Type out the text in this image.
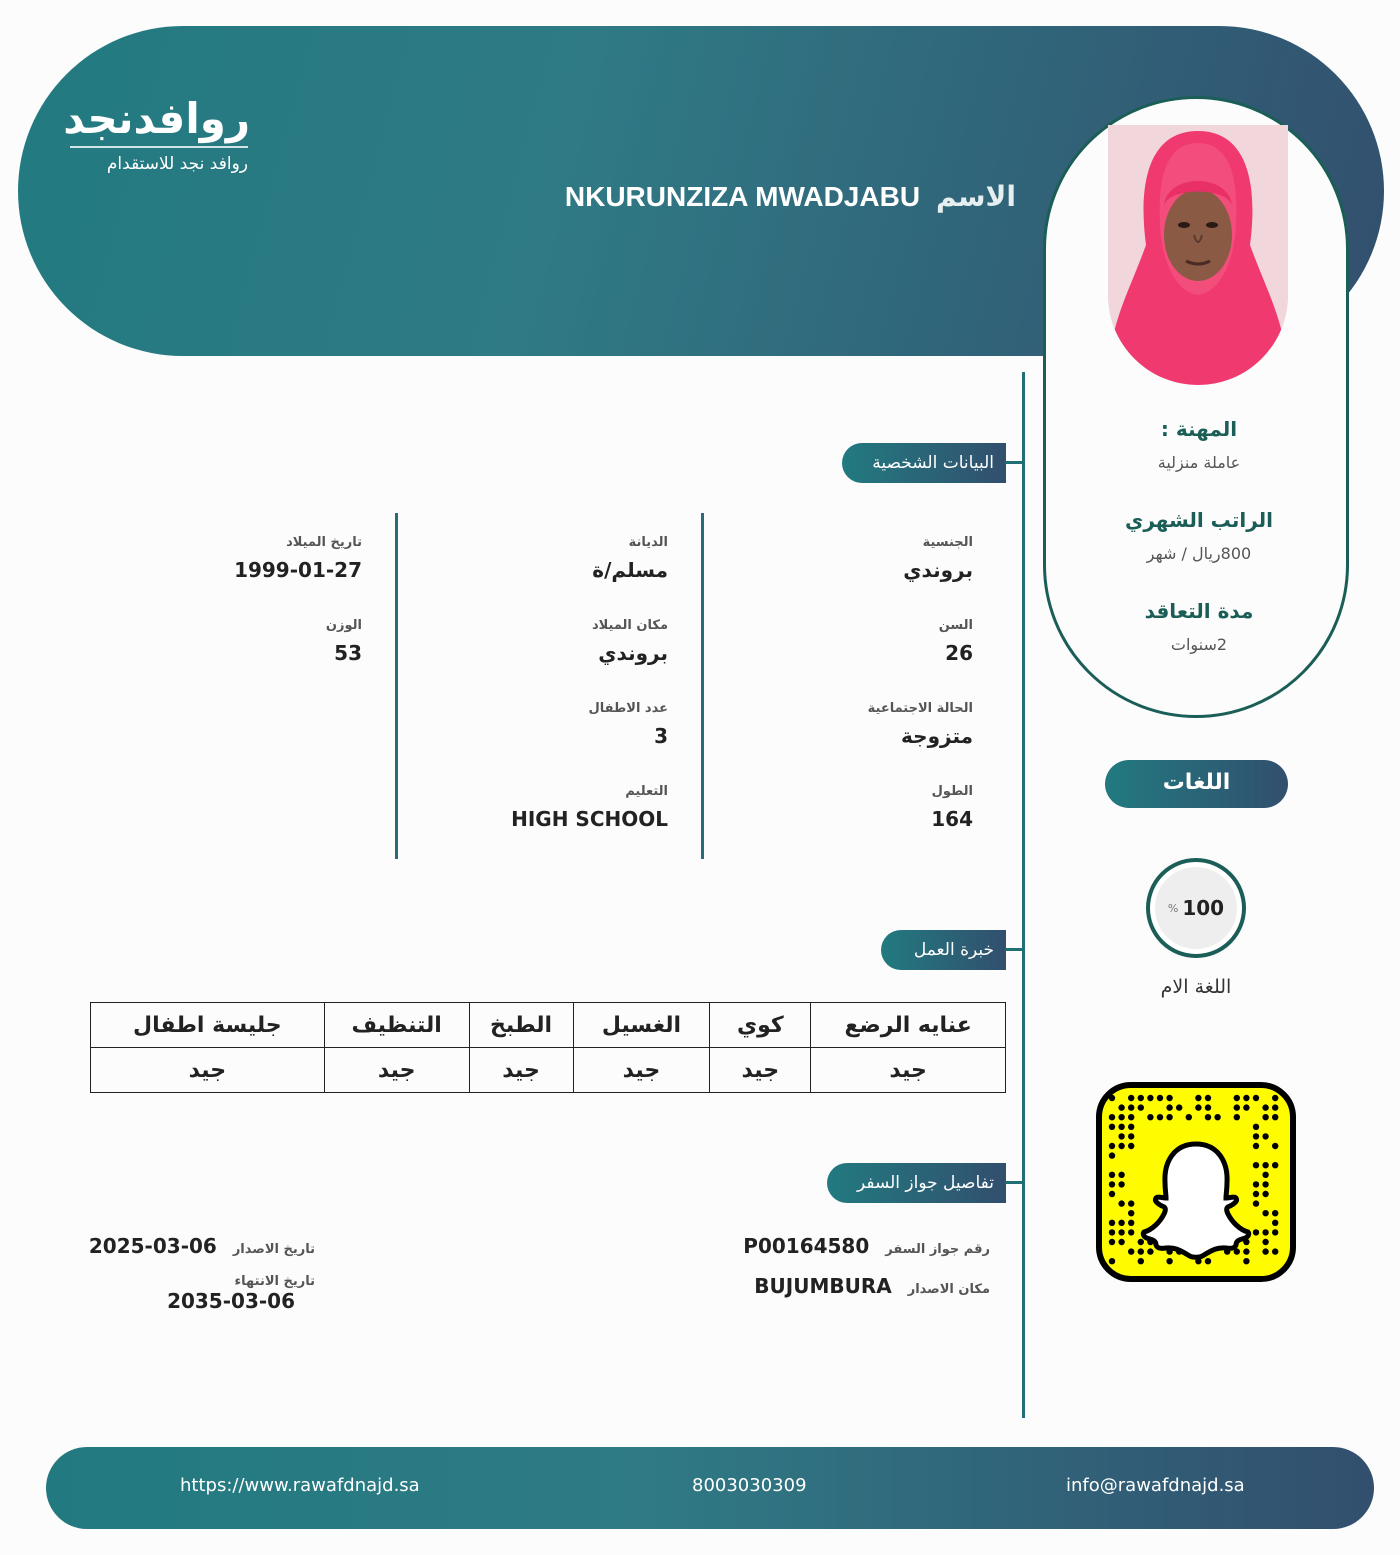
روافدنجد
روافد نجد للاستقدام
NKURUNZIZA MWADJABU الاسم
المهنة :
عاملة منزلية
الراتب الشهري
800ريال / شهر
مدة التعاقد
2سنوات
اللغات
% 100
اللغة الام
البيانات الشخصية
الجنسية
بروندي
السن
26
الحالة الاجتماعية
متزوجة
الطول
164
الديانة
مسلم/ة
مكان الميلاد
بروندي
عدد الاطفال
3
التعليم
HIGH SCHOOL
تاريخ الميلاد
1999-01-27
الوزن
53
خبرة العمل
عنايه الرضع	كوي	الغسيل	الطبخ	التنظيف	جليسة اطفال
جيد	جيد	جيد	جيد	جيد	جيد
تفاصيل جواز السفر
رقم جواز السفر
P00164580
مكان الاصدار
BUJUMBURA
تاريخ الاصدار
2025-03-06
تاريخ الانتهاء
2035-03-06
https://www.rawafdnajd.sa	8003030309	info@rawafdnajd.sa
